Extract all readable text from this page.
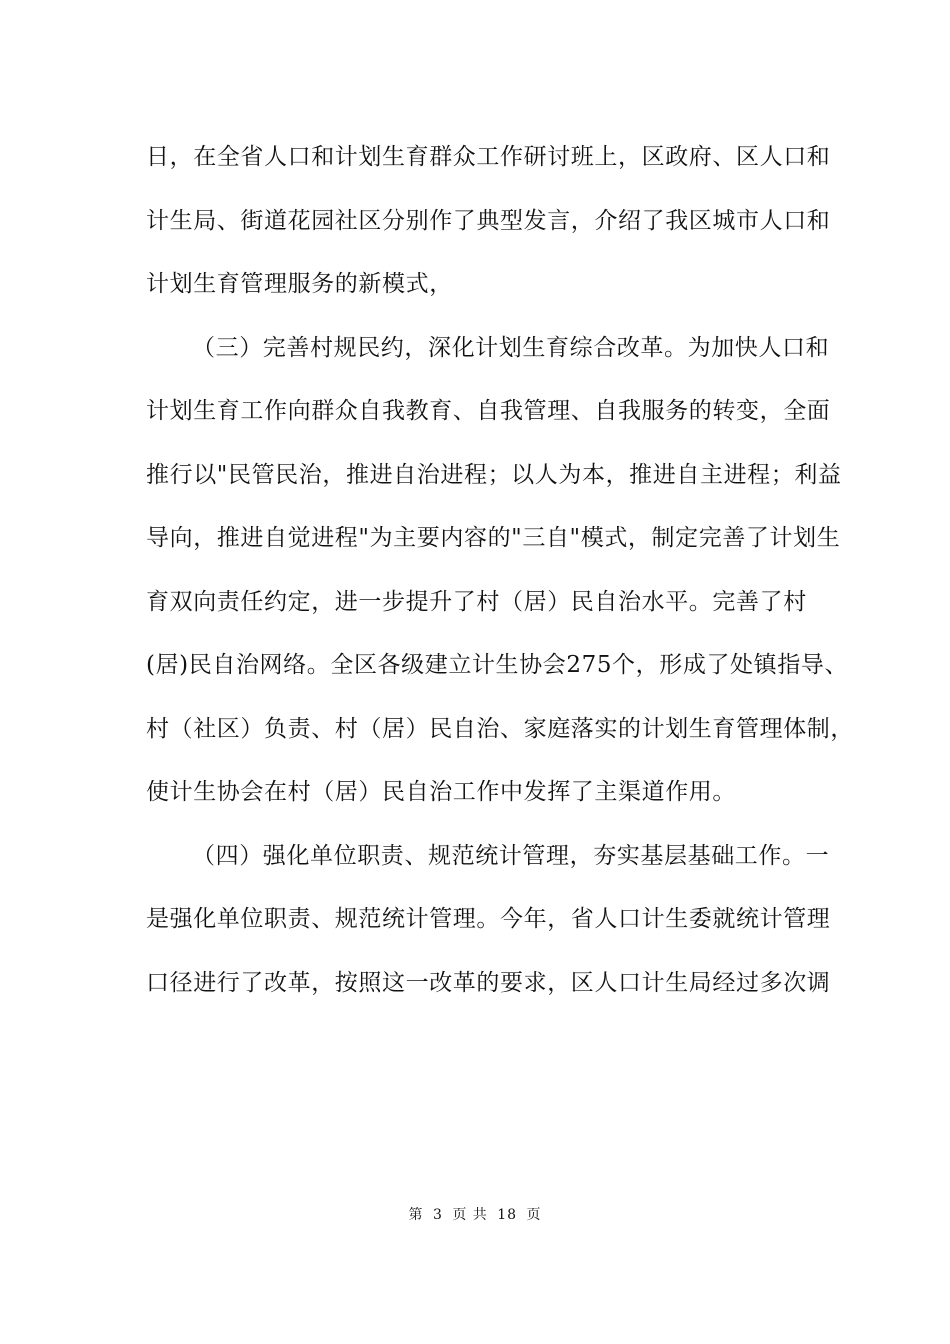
日，在全省人口和计划生育群众工作研讨班上，区政府、区人口和
计生局、街道花园社区分别作了典型发言，介绍了我区城市人口和
计划生育管理服务的新模式，
（三）完善村规民约，深化计划生育综合改革。为加快人口和
计划生育工作向群众自我教育、自我管理、自我服务的转变，全面
推行以"民管民治，推进自治进程；以人为本，推进自主进程；利益
导向，推进自觉进程"为主要内容的"三自"模式，制定完善了计划生
育双向责任约定，进一步提升了村（居）民自治水平。完善了村
(居)民自治网络。全区各级建立计生协会275个，形成了处镇指导、
村（社区）负责、村（居）民自治、家庭落实的计划生育管理体制，
使计生协会在村（居）民自治工作中发挥了主渠道作用。
（四）强化单位职责、规范统计管理，夯实基层基础工作。一
是强化单位职责、规范统计管理。今年，省人口计生委就统计管理
口径进行了改革，按照这一改革的要求，区人口计生局经过多次调
第 3 页 共 18 页
